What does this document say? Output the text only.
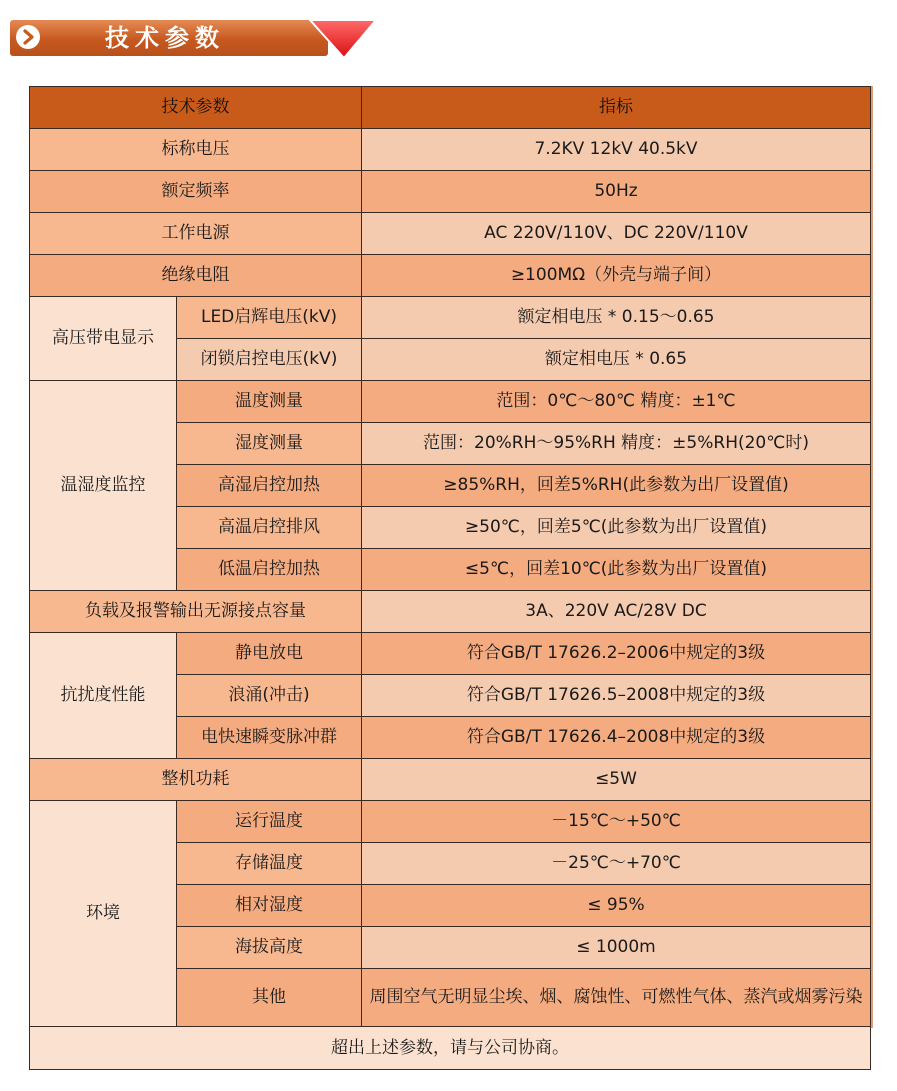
技术参数
技术参数		指标
标称电压		7.2KV 12kV 40.5kV
额定频率		50Hz
工作电源		AC 220V/110V、DC 220V/110V
绝缘电阻		≥100MΩ（外壳与端子间）
高压带电显示	LED启辉电压(kV)	额定相电压 * 0.15～0.65
	闭锁启控电压(kV)	额定相电压 * 0.65
温湿度监控	温度测量	范围：0℃～80℃ 精度：±1℃
	湿度测量	范围：20%RH～95%RH 精度：±5%RH(20℃时)
	高湿启控加热	≥85%RH，回差5%RH(此参数为出厂设置值)
	高温启控排风	≥50℃，回差5℃(此参数为出厂设置值)
	低温启控加热	≤5℃，回差10℃(此参数为出厂设置值)
负载及报警输出无源接点容量		3A、220V AC/28V DC
抗扰度性能	静电放电	符合GB/T 17626.2–2006中规定的3级
	浪涌(冲击)	符合GB/T 17626.5–2008中规定的3级
	电快速瞬变脉冲群	符合GB/T 17626.4–2008中规定的3级
整机功耗		≤5W
环境	运行温度	－15℃～+50℃
	存储温度	－25℃～+70℃
	相对湿度	≤ 95%
	海拔高度	≤ 1000m
	其他	周围空气无明显尘埃、烟、腐蚀性、可燃性气体、蒸汽或烟雾污染
超出上述参数，请与公司协商。		
